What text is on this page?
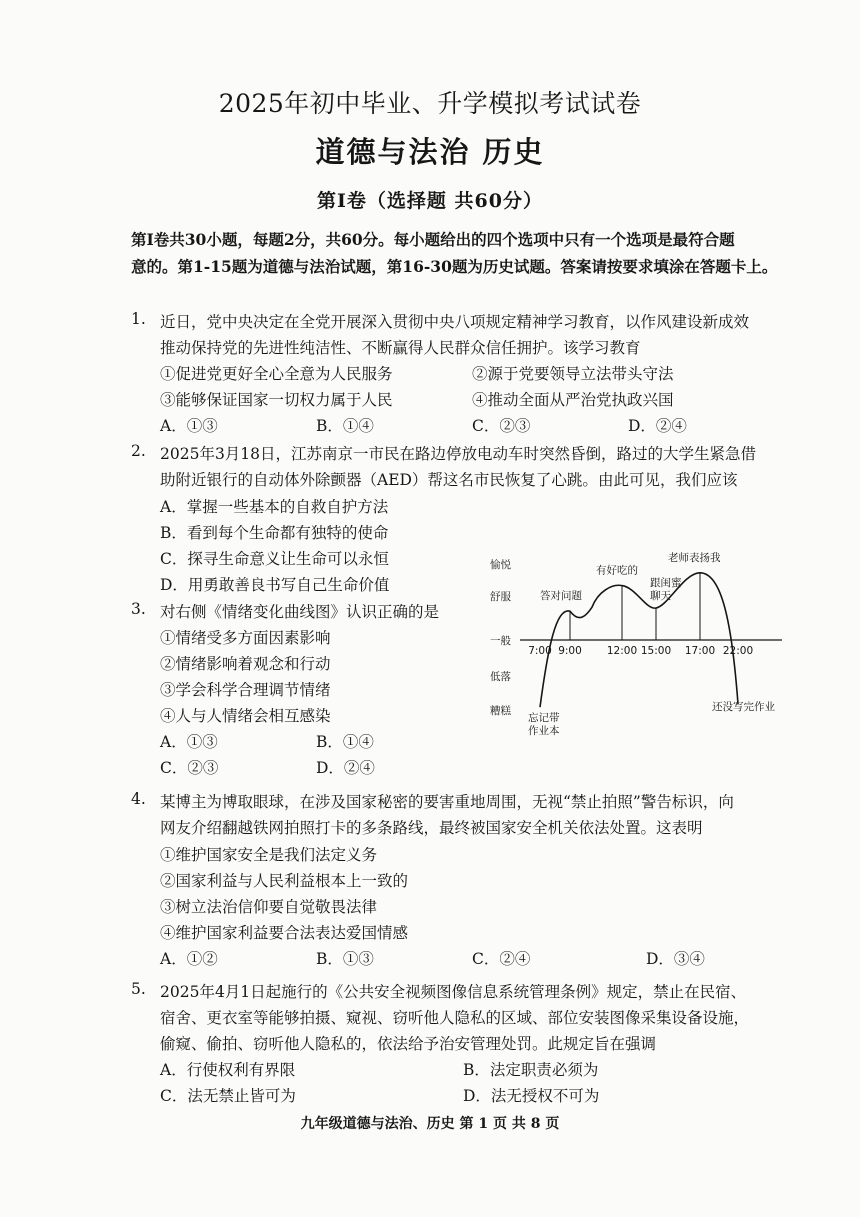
2025年初中毕业、升学模拟考试试卷
道德与法治 历史
第Ⅰ卷（选择题 共60分）
第Ⅰ卷共30小题，每题2分，共60分。每小题给出的四个选项中只有一个选项是最符合题
意的。第1-15题为道德与法治试题，第16-30题为历史试题。答案请按要求填涂在答题卡上。
1. 近日，党中央决定在全党开展深入贯彻中央八项规定精神学习教育，以作风建设新成效
推动保持党的先进性纯洁性、不断赢得人民群众信任拥护。该学习教育
①促进党更好全心全意为人民服务	②源于党要领导立法带头守法
③能够保证国家一切权力属于人民	④推动全面从严治党执政兴国
A．①③	B．①④	C．②③	D．②④
2. 2025年3月18日，江苏南京一市民在路边停放电动车时突然昏倒，路过的大学生紧急借
助附近银行的自动体外除颤器（AED）帮这名市民恢复了心跳。由此可见，我们应该
A．掌握一些基本的自救自护方法
B．看到每个生命都有独特的使命
C．探寻生命意义让生命可以永恒
D．用勇敢善良书写自己生命价值
3. 对右侧《情绪变化曲线图》认识正确的是
①情绪受多方面因素影响
②情绪影响着观念和行动
③学会科学合理调节情绪
④人与人情绪会相互感染
A．①③	B．①④
C．②③	D．②④
愉悦
舒服
一般
低落
糟糕
7:00 9:00 12:00 15:00 17:00 22:00
忘记带
作业本
答对问题
有好吃的
跟闺蜜
聊天
老师表扬我
还没写完作业
4. 某博主为博取眼球，在涉及国家秘密的要害重地周围，无视“禁止拍照”警告标识，向
网友介绍翻越铁网拍照打卡的多条路线，最终被国家安全机关依法处置。这表明
①维护国家安全是我们法定义务
②国家利益与人民利益根本上一致的
③树立法治信仰要自觉敬畏法律
④维护国家利益要合法表达爱国情感
A．①②	B．①③	C．②④	D．③④
5. 2025年4月1日起施行的《公共安全视频图像信息系统管理条例》规定，禁止在民宿、
宿舍、更衣室等能够拍摄、窥视、窃听他人隐私的区域、部位安装图像采集设备设施，
偷窥、偷拍、窃听他人隐私的，依法给予治安管理处罚。此规定旨在强调
A．行使权利有界限	B．法定职责必须为
C．法无禁止皆可为	D．法无授权不可为
九年级道德与法治、历史 第 1 页 共 8 页
